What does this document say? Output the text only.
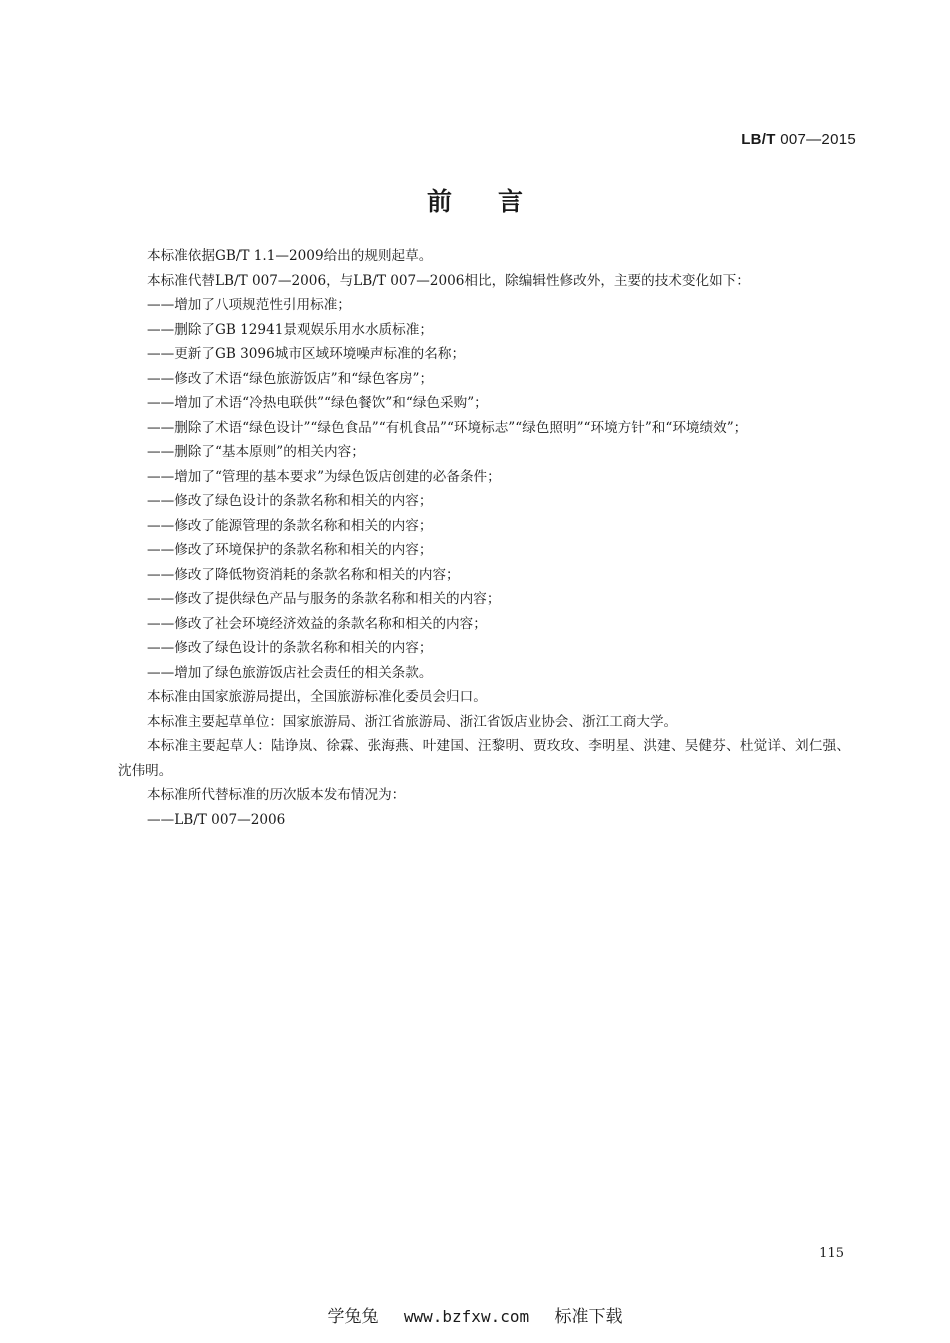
LB/T 007—2015
前言

本标准依据GB/T 1.1—2009给出的规则起草。

本标准代替LB/T 007—2006，与LB/T 007—2006相比，除编辑性修改外，主要的技术变化如下：

——增加了八项规范性引用标准；

——删除了GB 12941景观娱乐用水水质标准；

——更新了GB 3096城市区域环境噪声标准的名称；

——修改了术语“绿色旅游饭店”和“绿色客房”；

——增加了术语“冷热电联供”“绿色餐饮”和“绿色采购”；

——删除了术语“绿色设计”“绿色食品”“有机食品”“环境标志”“绿色照明”“环境方针”和“环境绩效”；

——删除了“基本原则”的相关内容；

——增加了“管理的基本要求”为绿色饭店创建的必备条件；

——修改了绿色设计的条款名称和相关的内容；

——修改了能源管理的条款名称和相关的内容；

——修改了环境保护的条款名称和相关的内容；

——修改了降低物资消耗的条款名称和相关的内容；

——修改了提供绿色产品与服务的条款名称和相关的内容；

——修改了社会环境经济效益的条款名称和相关的内容；

——修改了绿色设计的条款名称和相关的内容；

——增加了绿色旅游饭店社会责任的相关条款。

本标准由国家旅游局提出，全国旅游标准化委员会归口。

本标准主要起草单位：国家旅游局、浙江省旅游局、浙江省饭店业协会、浙江工商大学。

本标准主要起草人：陆诤岚、徐霖、张海燕、叶建国、汪黎明、贾玫玫、李明星、洪建、吴健芬、杜觉详、刘仁强、沈伟明。

本标准所代替标准的历次版本发布情况为：

——LB/T 007—2006

115
学兔兔 www.bzfxw.com 标准下载
